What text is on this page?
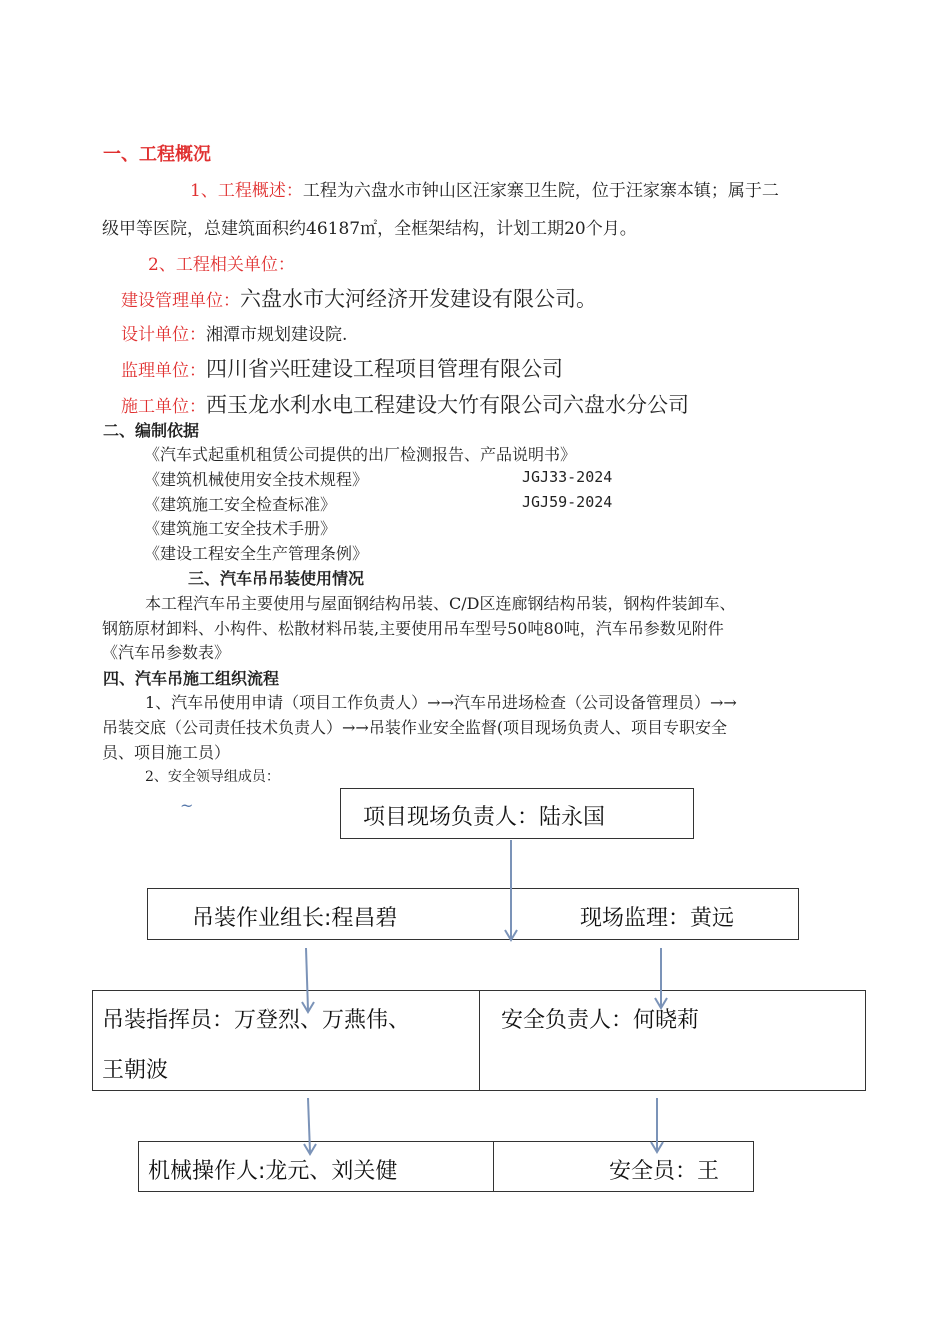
一、工程概况
1、工程概述：工程为六盘水市钟山区汪家寨卫生院，位于汪家寨本镇；属于二
级甲等医院，总建筑面积约46187㎡，全框架结构，计划工期20个月。
2、工程相关单位：
建设管理单位：六盘水市大河经济开发建设有限公司。
设计单位：湘潭市规划建设院.
监理单位：四川省兴旺建设工程项目管理有限公司
施工单位：西玉龙水利水电工程建设大竹有限公司六盘水分公司
二、编制依据
《汽车式起重机租赁公司提供的出厂检测报告、产品说明书》
《建筑机械使用安全技术规程》	JGJ33-2024
《建筑施工安全检查标准》	JGJ59-2024
《建筑施工安全技术手册》
《建设工程安全生产管理条例》
三、汽车吊吊装使用情况
本工程汽车吊主要使用与屋面钢结构吊装、C/D区连廊钢结构吊装，钢构件装卸车、
钢筋原材卸料、小构件、松散材料吊装,主要使用吊车型号50吨80吨，汽车吊参数见附件
《汽车吊参数表》
四、汽车吊施工组织流程
1、汽车吊使用申请（项目工作负责人）→→汽车吊进场检查（公司设备管理员）→→
吊装交底（公司责任技术负责人）→→吊装作业安全监督(项目现场负责人、项目专职安全
员、项目施工员）
2、安全领导组成员：
~	项目现场负责人：陆永国
吊装作业组长:程昌碧	现场监理：黄远
吊装指挥员：万登烈、万燕伟、
王朝波
安全负责人：何晓莉
机械操作人:龙元、刘关健	安全员：王
